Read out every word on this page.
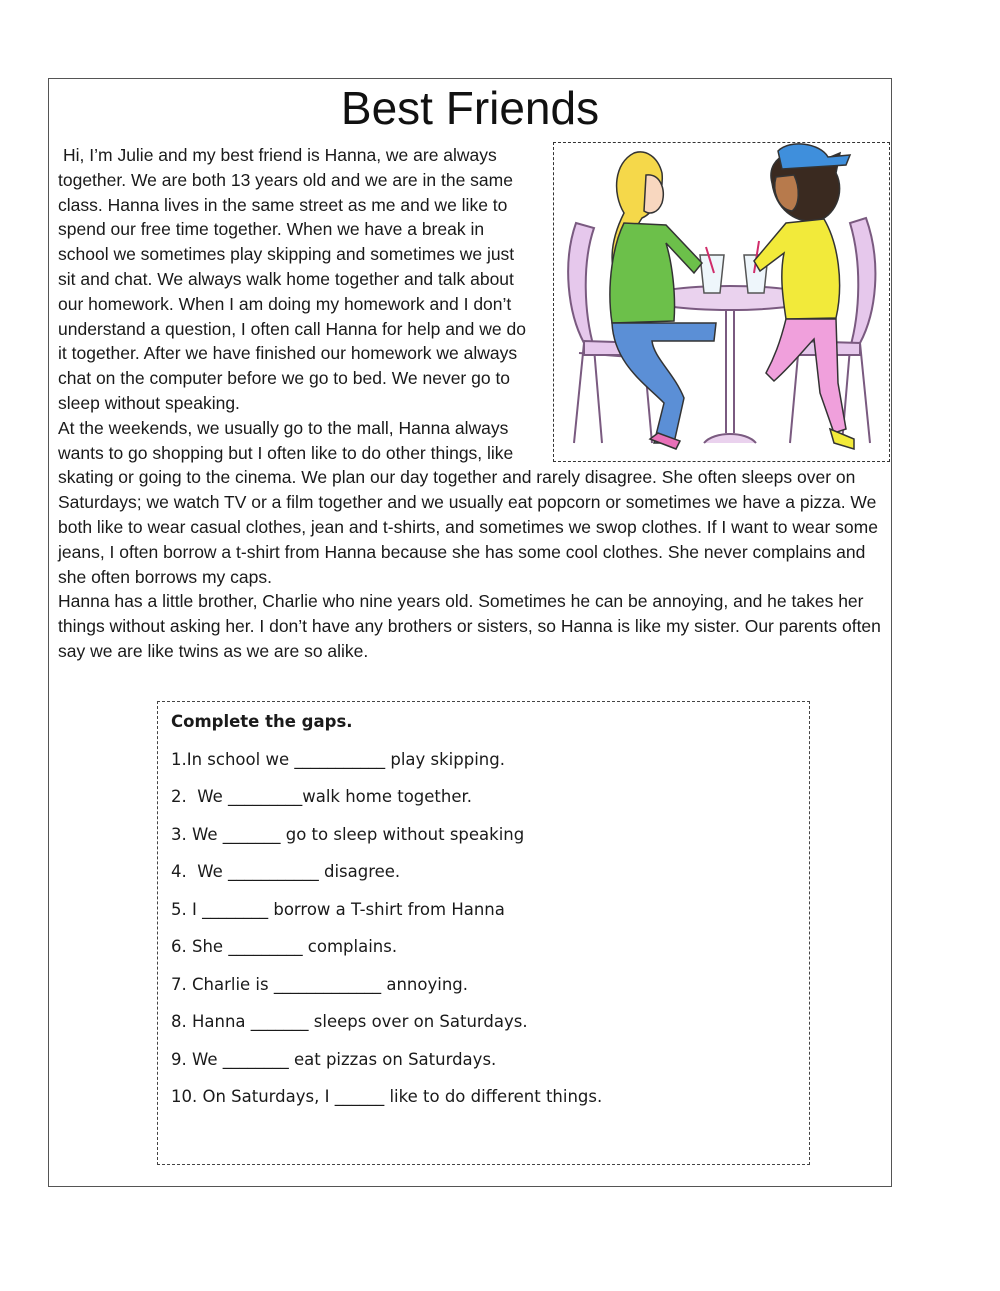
Best Friends

Hi, I’m Julie and my best friend is Hanna, we are always together. We are both 13 years old and we are in the same class. Hanna lives in the same street as me and we like to spend our free time together. When we have a break in school we sometimes play skipping and sometimes we just sit and chat. We always walk home together and talk about our homework. When I am doing my homework and I don’t understand a question, I often call Hanna for help and we do it together. After we have finished our homework we always chat on the computer before we go to bed. We never go to sleep without speaking.

At the weekends, we usually go to the mall, Hanna always wants to go shopping but I often like to do other things, like skating or going to the cinema. We plan our day together and rarely disagree. She often sleeps over on Saturdays; we watch TV or a film together and we usually eat popcorn or sometimes we have a pizza. We both like to wear casual clothes, jean and t-shirts, and sometimes we swop clothes. If I want to wear some jeans, I often borrow a t-shirt from Hanna because she has some cool clothes. She never complains and she often borrows my caps.

Hanna has a little brother, Charlie who nine years old. Sometimes he can be annoying, and he takes her things without asking her. I don’t have any brothers or sisters, so Hanna is like my sister. Our parents often say we are like twins as we are so alike.

Complete the gaps.
1.In school we ___________ play skipping.
2.  We _________walk home together.
3. We _______ go to sleep without speaking
4.  We ___________ disagree.
5. I ________ borrow a T-shirt from Hanna
6. She _________ complains.
7. Charlie is _____________ annoying.
8. Hanna _______ sleeps over on Saturdays.
9. We ________ eat pizzas on Saturdays.
10. On Saturdays, I ______ like to do different things.
